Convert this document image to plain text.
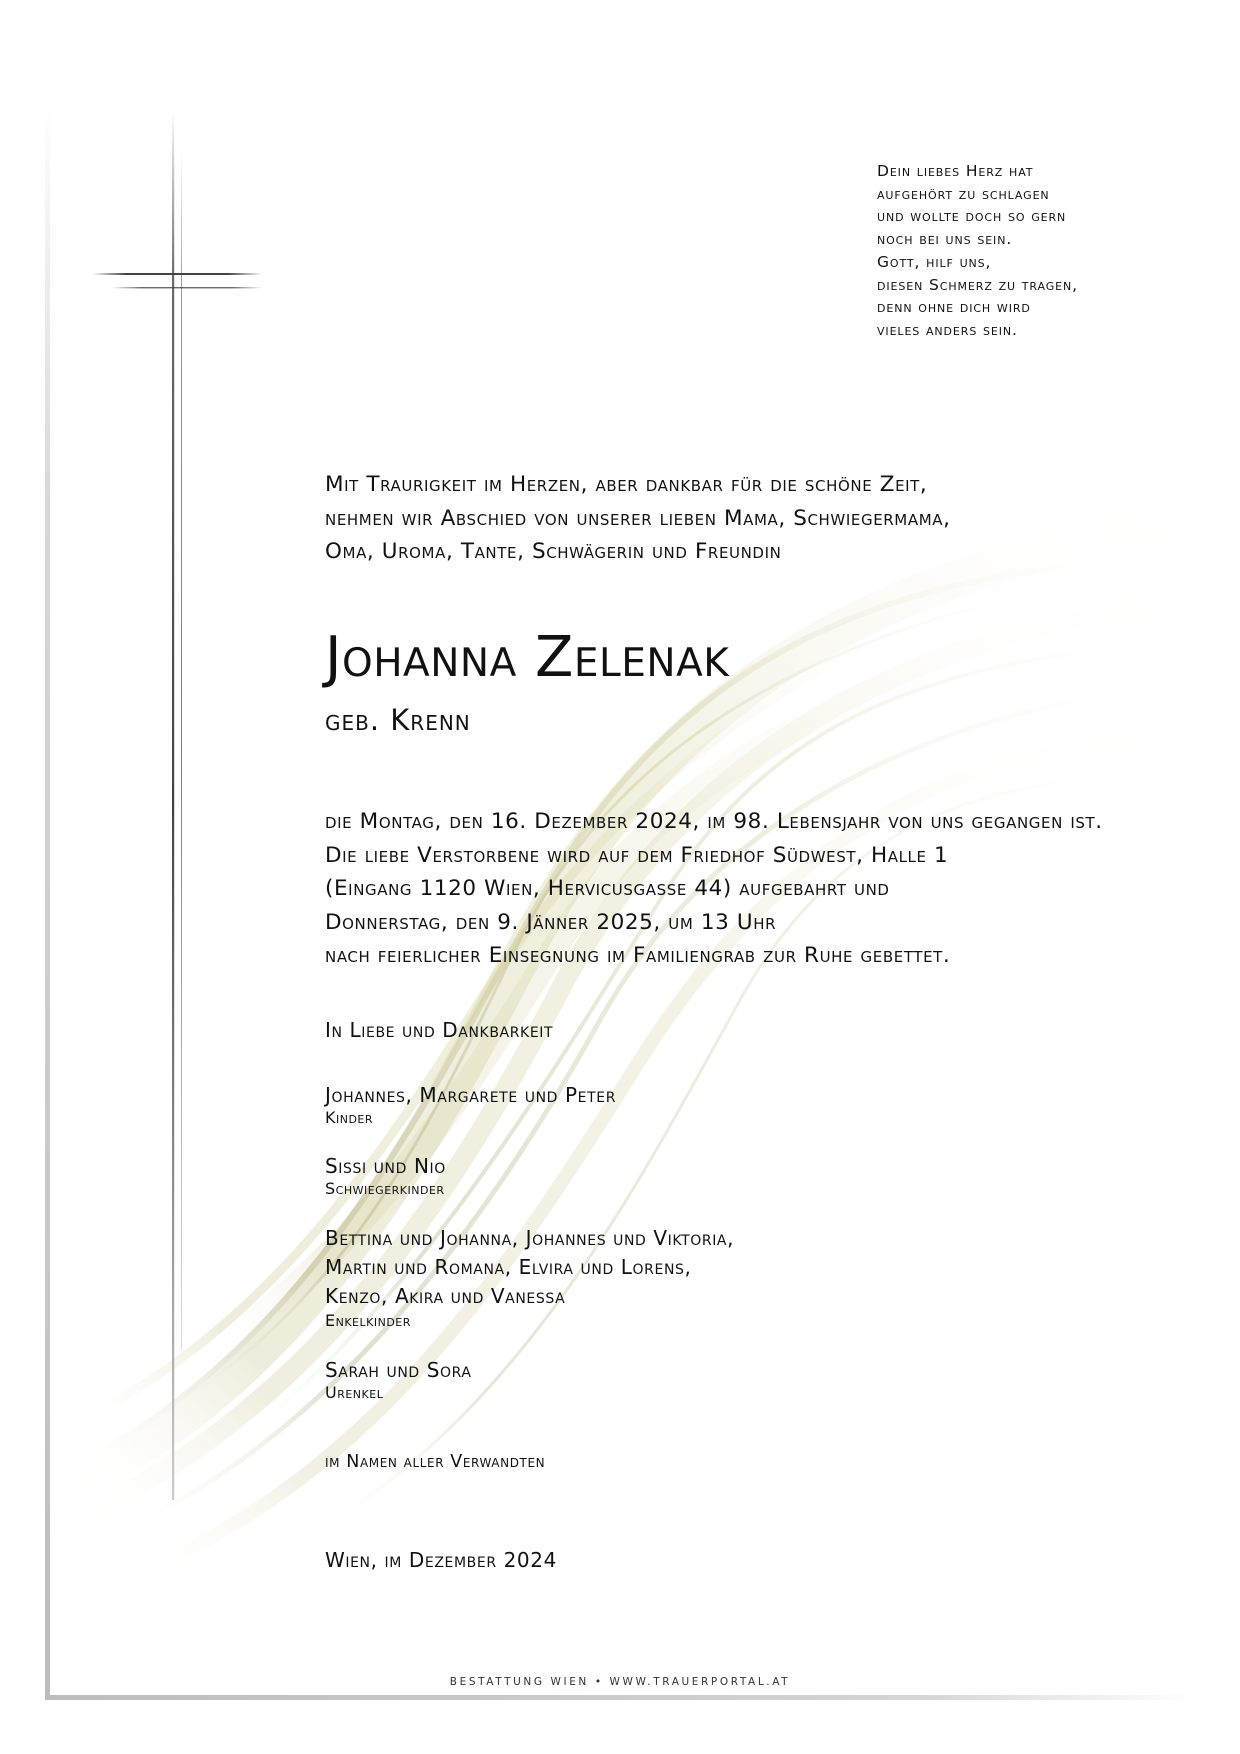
Dein liebes Herz hat
aufgehört zu schlagen
und wollte doch so gern
noch bei uns sein.
Gott, hilf uns,
diesen Schmerz zu tragen,
denn ohne dich wird
vieles anders sein.
Mit Traurigkeit im Herzen, aber dankbar für die schöne Zeit,
nehmen wir Abschied von unserer lieben Mama, Schwiegermama,
Oma, Uroma, Tante, Schwägerin und Freundin
Johanna Zelenak
geb. Krenn
die Montag, den 16. Dezember 2024, im 98. Lebensjahr von uns gegangen ist.
Die liebe Verstorbene wird auf dem Friedhof Südwest, Halle 1
(Eingang 1120 Wien, Hervicusgasse 44) aufgebahrt und
Donnerstag, den 9. Jänner 2025, um 13 Uhr
nach feierlicher Einsegnung im Familiengrab zur Ruhe gebettet.
In Liebe und Dankbarkeit
Johannes, Margarete und Peter
Kinder
Sissi und Nio
Schwiegerkinder
Bettina und Johanna, Johannes und Viktoria,
Martin und Romana, Elvira und Lorens,
Kenzo, Akira und Vanessa
Enkelkinder
Sarah und Sora
Urenkel
im Namen aller Verwandten
Wien, im Dezember 2024
BESTATTUNG WIEN • WWW.TRAUERPORTAL.AT
